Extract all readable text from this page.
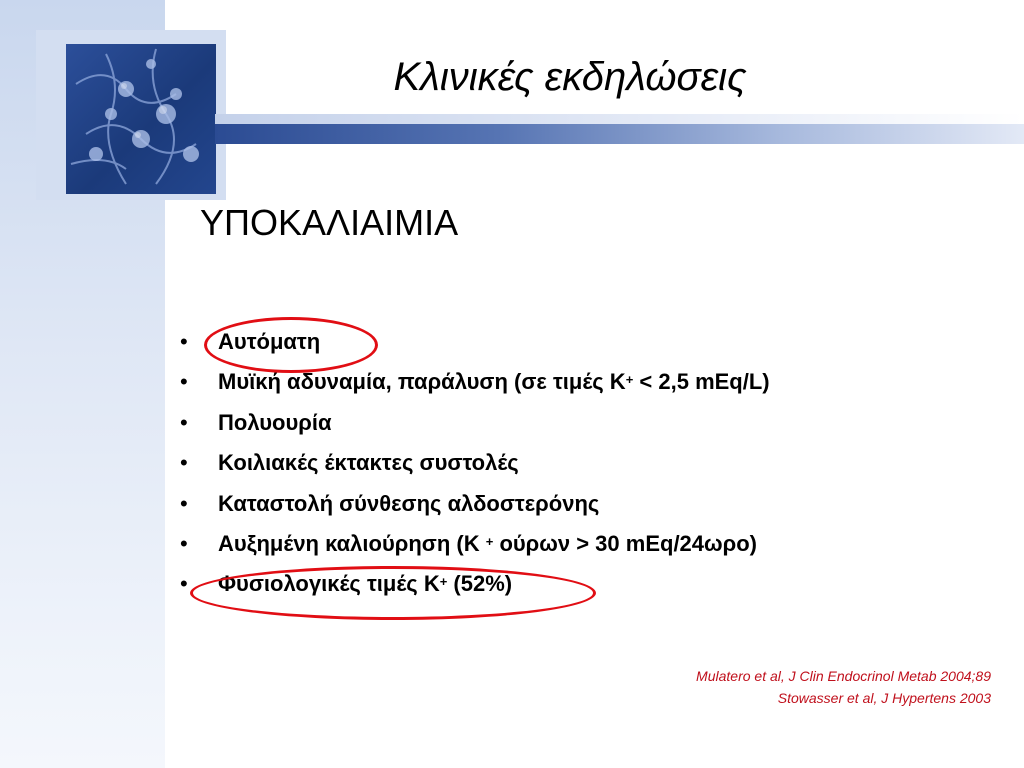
Κλινικές εκδηλώσεις
ΥΠΟΚΑΛΙΑΙΜΙΑ
• Αυτόματη
• Μυϊκή αδυναμία, παράλυση (σε τιμές Κ+ < 2,5 mEq/L)
• Πολυουρία
• Κοιλιακές έκτακτες συστολές
• Καταστολή σύνθεσης αλδοστερόνης
• Αυξημένη καλιούρηση (Κ + ούρων > 30 mEq/24ωρο)
• Φυσιολογικές τιμές Κ+ (52%)
Mulatero et al, J Clin Endocrinol Metab 2004;89
Stowasser et al, J Hypertens 2003
